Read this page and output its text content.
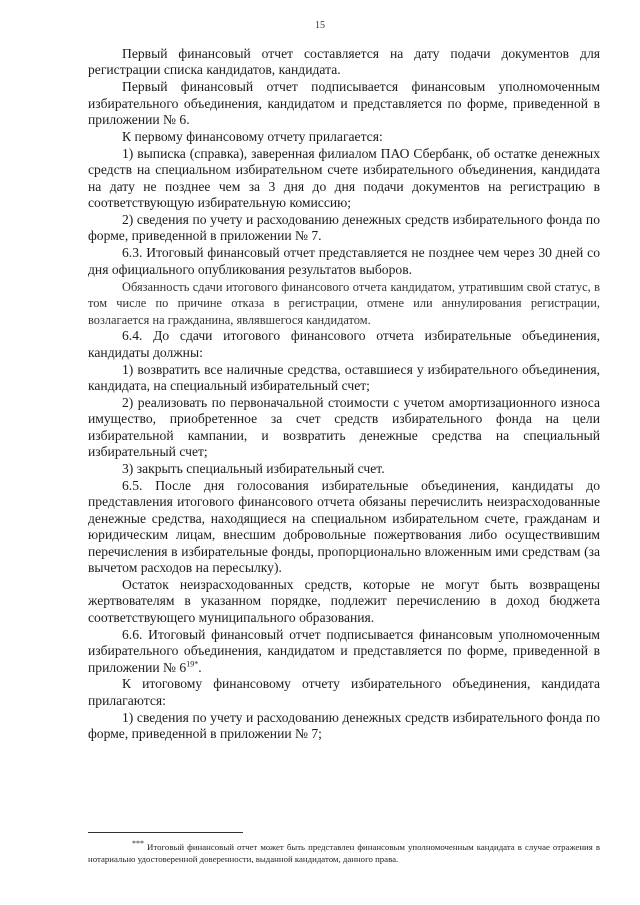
15

Первый финансовый отчет составляется на дату подачи документов для регистрации списка кандидатов, кандидата.

Первый финансовый отчет подписывается финансовым уполномоченным избирательного объединения, кандидатом и представляется по форме, приведенной в приложении № 6.

К первому финансовому отчету прилагается:

1) выписка (справка), заверенная филиалом ПАО Сбербанк, об остатке денежных средств на специальном избирательном счете избирательного объединения, кандидата на дату не позднее чем за 3 дня до дня подачи документов на регистрацию в соответствующую избирательную комиссию;

2) сведения по учету и расходованию денежных средств избирательного фонда по форме, приведенной в приложении № 7.

6.3. Итоговый финансовый отчет представляется не позднее чем через 30 дней со дня официального опубликования результатов выборов.

Обязанность сдачи итогового финансового отчета кандидатом, утратившим свой статус, в том числе по причине отказа в регистрации, отмене или аннулирования регистрации, возлагается на гражданина, являвшегося кандидатом.

6.4. До сдачи итогового финансового отчета избирательные объединения, кандидаты должны:

1) возвратить все наличные средства, оставшиеся у избирательного объединения, кандидата, на специальный избирательный счет;

2) реализовать по первоначальной стоимости с учетом амортизационного износа имущество, приобретенное за счет средств избирательного фонда на цели избирательной кампании, и возвратить денежные средства на специальный избирательный счет;

3) закрыть специальный избирательный счет.

6.5. После дня голосования избирательные объединения, кандидаты до представления итогового финансового отчета обязаны перечислить неизрасходованные денежные средства, находящиеся на специальном избирательном счете, гражданам и юридическим лицам, внесшим добровольные пожертвования либо осуществившим перечисления в избирательные фонды, пропорционально вложенным ими средствам (за вычетом расходов на пересылку).

Остаток неизрасходованных средств, которые не могут быть возвращены жертвователям в указанном порядке, подлежит перечислению в доход бюджета соответствующего муниципального образования.

6.6. Итоговый финансовый отчет подписывается финансовым уполномоченным избирательного объединения, кандидатом и представляется по форме, приведенной в приложении № $6^{19*}$.

К итоговому финансовому отчету избирательного объединения, кандидата прилагаются:

1) сведения по учету и расходованию денежных средств избирательного фонда по форме, приведенной в приложении № 7;

*** Итоговый финансовый отчет может быть представлен финансовым уполномоченным кандидата в случае отражения в нотариально удостоверенной доверенности, выданной кандидатом, данного права.
